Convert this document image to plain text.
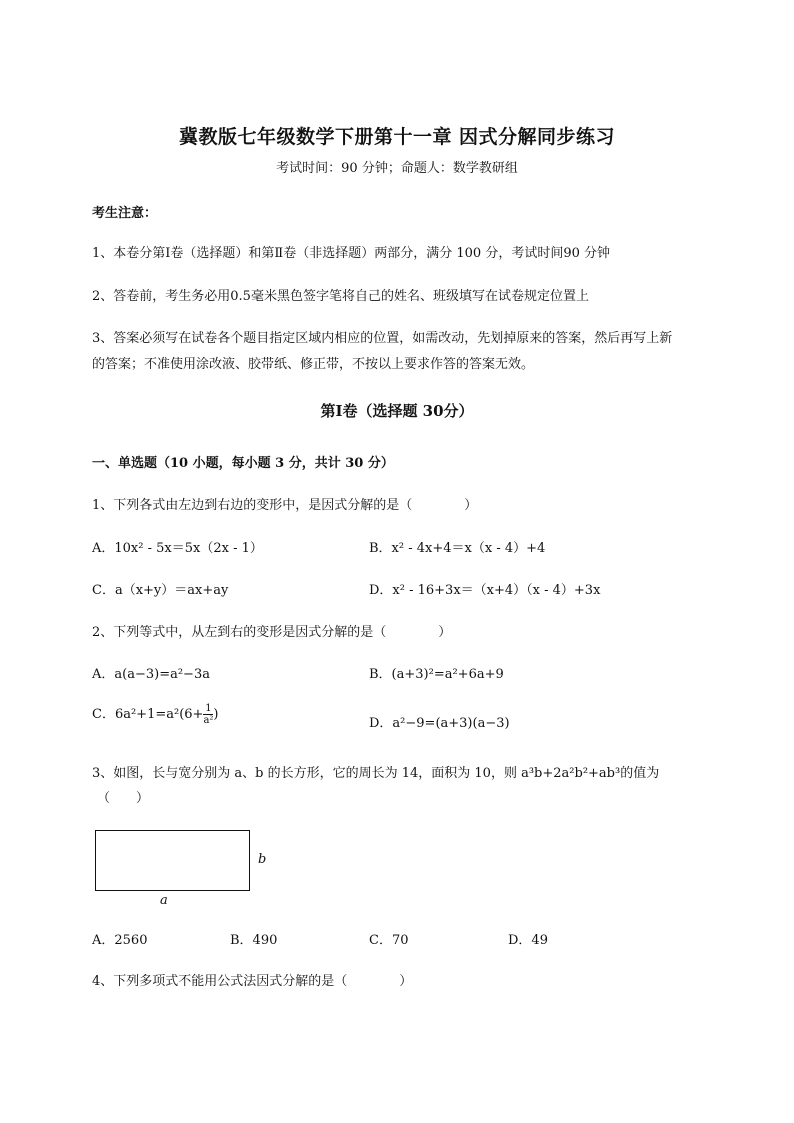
冀教版七年级数学下册第十一章 因式分解同步练习
考试时间：90 分钟；命题人：数学教研组
考生注意：
1、本卷分第Ⅰ卷（选择题）和第Ⅱ卷（非选择题）两部分，满分 100 分，考试时间90 分钟
2、答卷前，考生务必用0.5毫米黑色签字笔将自己的姓名、班级填写在试卷规定位置上
3、答案必须写在试卷各个题目指定区域内相应的位置，如需改动，先划掉原来的答案，然后再写上新
的答案；不准使用涂改液、胶带纸、修正带，不按以上要求作答的答案无效。
第Ⅰ卷（选择题 30分）
一、单选题（10 小题，每小题 3 分，共计 30 分）
1、下列各式由左边到右边的变形中，是因式分解的是（　　　　）
A．10x² - 5x＝5x（2x - 1）	B．x² - 4x+4＝x（x - 4）+4
C．a（x+y）＝ax+ay	D．x² - 16+3x＝（x+4）（x - 4）+3x
2、下列等式中，从左到右的变形是因式分解的是（　　　　）
A．a(a−3)=a²−3a	B．(a+3)²=a²+6a+9
C．$6a^2+1=a^2(6+ \frac{1}{\text{a²}}$ )
D．a²−9=(a+3)(a−3)
3、如图，长与宽分别为 a、b 的长方形，它的周长为 14，面积为 10，则 a³b+2a²b²+ab³的值为
（　　）
b
a
A．2560	B．490	C．70	D．49
4、下列多项式不能用公式法因式分解的是（　　　　）
